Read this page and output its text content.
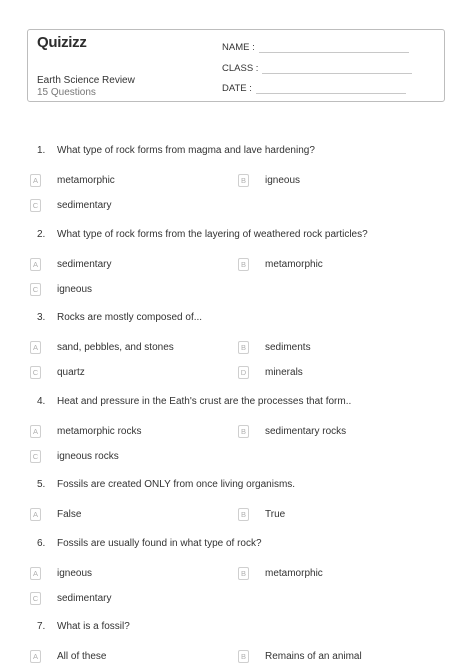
Quizizz
Earth Science Review
15 Questions
NAME :
CLASS :
DATE :
1.	What type of rock forms from magma and lave hardening?
A	metamorphic	B	igneous
C sedimentary
2.	What type of rock forms from the layering of weathered rock particles?
A	sedimentary	B	metamorphic
C igneous
3.	Rocks are mostly composed of...
A	sand, pebbles, and stones	B	sediments
C quartz	D minerals
4.	Heat and pressure in the Eath's crust are the processes that form..
A	metamorphic rocks	B	sedimentary rocks
C igneous rocks
5.	Fossils are created ONLY from once living organisms.
A	False	B	True
6.	Fossils are usually found in what type of rock?
A	igneous	B	metamorphic
C sedimentary
7.	What is a fossil?
A	All of these	B	Remains of an animal
